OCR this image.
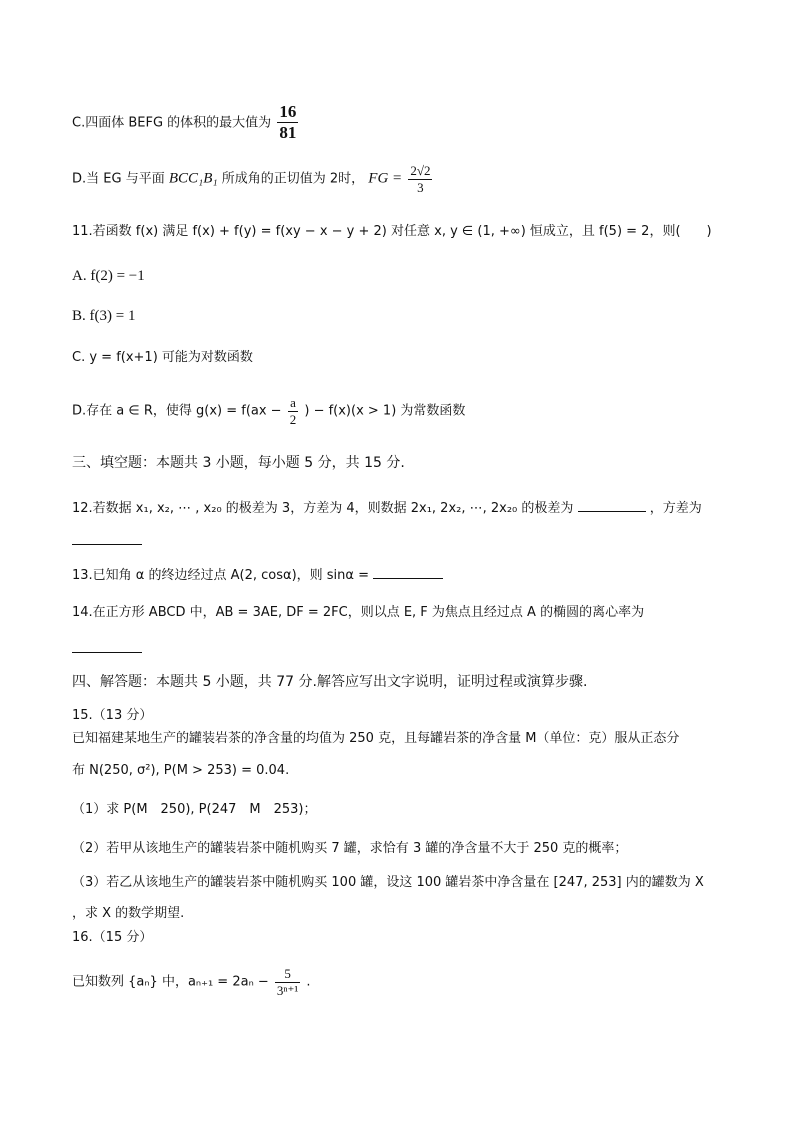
C.四面体 BEFG 的体积的最大值为 $\frac{16}{81}$
D.当 EG 与平面 BCC₁B₁ 所成角的正切值为 2时， FG = $\frac{2√2}{3}$
11.若函数 f(x) 满足 f(x) + f(y) = f(xy − x − y + 2) 对任意 x, y ∈ (1, +∞) 恒成立，且 f(5) = 2，则(　　)
A. f(2) = −1
B. f(3) = 1
C. y = f(x+1) 可能为对数函数
D.存在 a ∈ R，使得 $g(x) = f(ax - \frac{a}{2}$ ) − f(x)(x > 1) 为常数函数
三、填空题：本题共 3 小题，每小题 5 分，共 15 分.
12.若数据 x₁, x₂, ⋯ , x₂₀ 的极差为 3，方差为 4，则数据 2x₁, 2x₂, ⋯, 2x₂₀ 的极差为	，方差为
13.已知角 α 的终边经过点 A(2, cosα)，则 sinα =
14.在正方形 ABCD 中，AB = 3AE, DF = 2FC，则以点 E, F 为焦点且经过点 A 的椭圆的离心率为
四、解答题：本题共 5 小题，共 77 分.解答应写出文字说明，证明过程或演算步骤.
15.（13 分）
已知福建某地生产的罐装岩茶的净含量的均值为 250 克，且每罐岩茶的净含量 M（单位：克）服从正态分
布 N(250, σ²), P(M > 253) = 0.04.
（1）求 P(M　250), P(247　M　253)；
（2）若甲从该地生产的罐装岩茶中随机购买 7 罐，求恰有 3 罐的净含量不大于 250 克的概率；
（3）若乙从该地生产的罐装岩茶中随机购买 100 罐，设这 100 罐岩茶中净含量在 [247, 253] 内的罐数为 X
，求 X 的数学期望.
16.（15 分）
已知数列 {aₙ} 中，$a_{n+1} = 2a_n - \frac{5}{\text{3ⁿ⁺¹}}$ .
